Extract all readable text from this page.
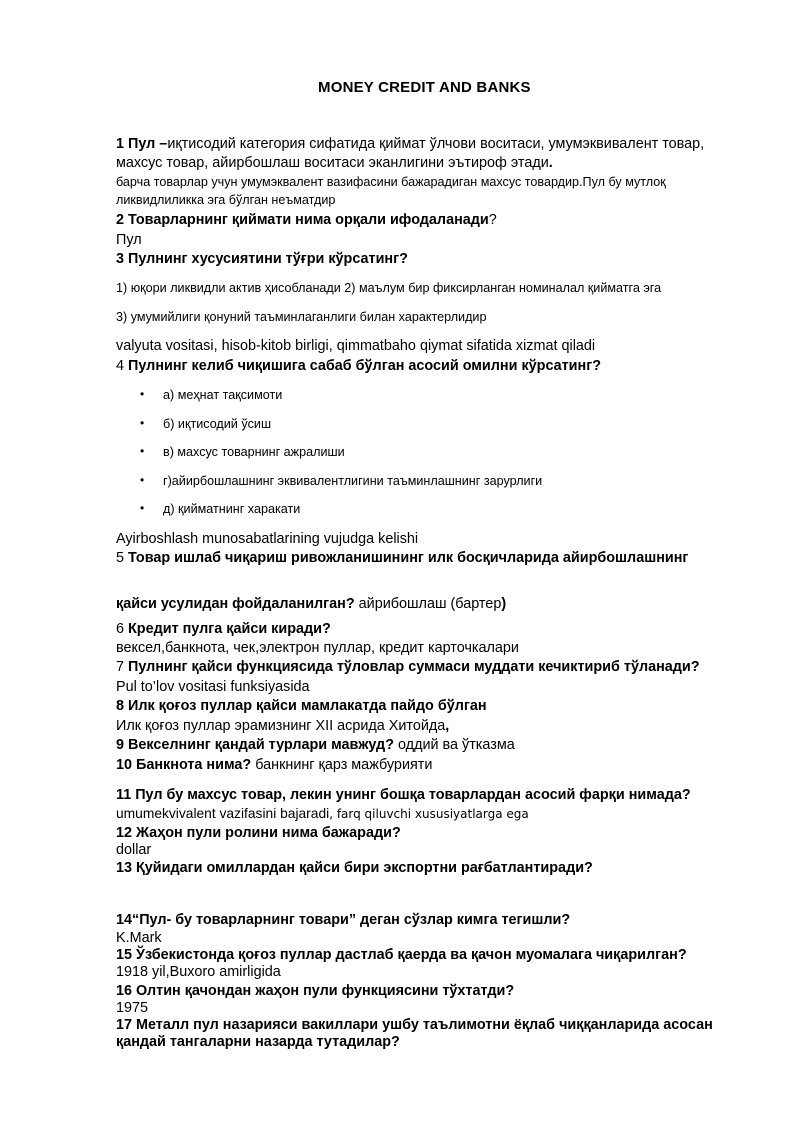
MONEY CREDIT AND BANKS
1 Пул –иқтисодий категория сифатида қиймат ўлчови воситаси, умумэквивалент товар,
махсус товар, айирбошлаш воситаси эканлигини эътироф этади.
барча товарлар учун умумэквалент вазифасини бажарадиган махсус товардир.Пул бу мутлоқ
ликвидлиликка эга бўлган неъматдир
2 Товарларнинг қиймати нима орқали ифодаланади?
Пул
3 Пулнинг хусусиятини тўғри кўрсатинг?
1) юқори ликвидли актив ҳисобланади 2) маълум бир фиксирланган номиналал қийматга эга
3) умумийлиги қонуний таъминлаганлиги билан характерлидир
valyuta vositasi, hisob-kitob birligi, qimmatbaho qiymat sifatida xizmat qiladi
4 Пулнинг келиб чиқишига сабаб бўлган асосий омилни кўрсатинг?
• а) меҳнат тақсимоти
• б) иқтисодий ўсиш
• в) махсус товарнинг ажралиши
• г)айирбошлашнинг эквивалентлигини таъминлашнинг зарурлиги
• д) қийматнинг харакати
Ayirboshlash munosabatlarining vujudga kelishi
5 Товар ишлаб чиқариш ривожланишининг илк босқичларида айирбошлашнинг
қайси усулидан фойдаланилган? айрибошлаш (бартер)
6 Кредит пулга қайси киради?
вексел,банкнота, чек,электрон пуллар, кредит карточкалари
7 Пулнинг қайси функциясида тўловлар суммаси муддати кечиктириб тўланади?
Pul to’lov vositasi funksiyasida
8 Илк қоғоз пуллар қайси мамлакатда пайдо бўлган
Илк қоғоз пуллар эрамизнинг XII асрида Хитойда,
9 Векселнинг қандай турлари мавжуд? оддий ва ўтказма
10 Банкнота нима? банкнинг қарз мажбурияти
11 Пул бу махсус товар, лекин унинг бошқа товарлардан асосий фарқи нимада?
umumekvivalent vazifasini bajaradi, farq qiluvchi xususiyatlarga ega
12 Жаҳон пули ролини нима бажаради?
dollar
13 Қуйидаги омиллардан қайси бири экспортни рағбатлантиради?
14“Пул- бу товарларнинг товари” деган сўзлар кимга тегишли?
K.Mark
15 Ўзбекистонда қоғоз пуллар дастлаб қаерда ва қачон муомалага чиқарилган?
1918 yil,Buxoro amirligida
16 Олтин қачондан жаҳон пули функциясини тўхтатди?
1975
17 Металл пул назарияси вакиллари ушбу таълимотни ёқлаб чиққанларида асосан
қандай тангаларни назарда тутадилар?
